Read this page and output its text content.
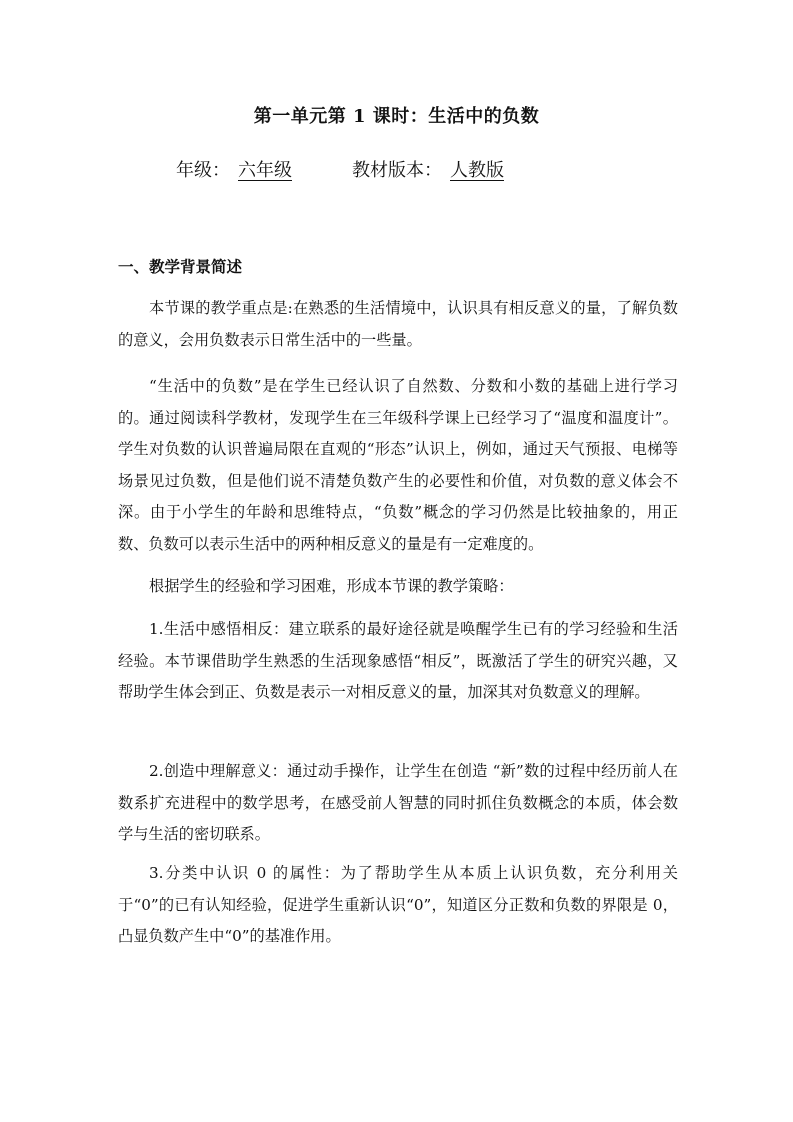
第一单元第 1 课时：生活中的负数
年级： 六年级	教材版本： 人教版
一、教学背景简述

本节课的教学重点是:在熟悉的生活情境中，认识具有相反意义的量，了解负数的意义，会用负数表示日常生活中的一些量。

“生活中的负数”是在学生已经认识了自然数、分数和小数的基础上进行学习的。通过阅读科学教材，发现学生在三年级科学课上已经学习了“温度和温度计”。学生对负数的认识普遍局限在直观的“形态”认识上，例如，通过天气预报、电梯等场景见过负数，但是他们说不清楚负数产生的必要性和价值，对负数的意义体会不深。由于小学生的年龄和思维特点，“负数”概念的学习仍然是比较抽象的，用正数、负数可以表示生活中的两种相反意义的量是有一定难度的。

根据学生的经验和学习困难，形成本节课的教学策略：

1.生活中感悟相反：建立联系的最好途径就是唤醒学生已有的学习经验和生活经验。本节课借助学生熟悉的生活现象感悟“相反”，既激活了学生的研究兴趣，又帮助学生体会到正、负数是表示一对相反意义的量，加深其对负数意义的理解。

2.创造中理解意义：通过动手操作，让学生在创造 “新”数的过程中经历前人在数系扩充进程中的数学思考，在感受前人智慧的同时抓住负数概念的本质，体会数学与生活的密切联系。

3.分类中认识 0 的属性：为了帮助学生从本质上认识负数，充分利用关于“0”的已有认知经验，促进学生重新认识“0”，知道区分正数和负数的界限是 0，凸显负数产生中“0”的基准作用。
